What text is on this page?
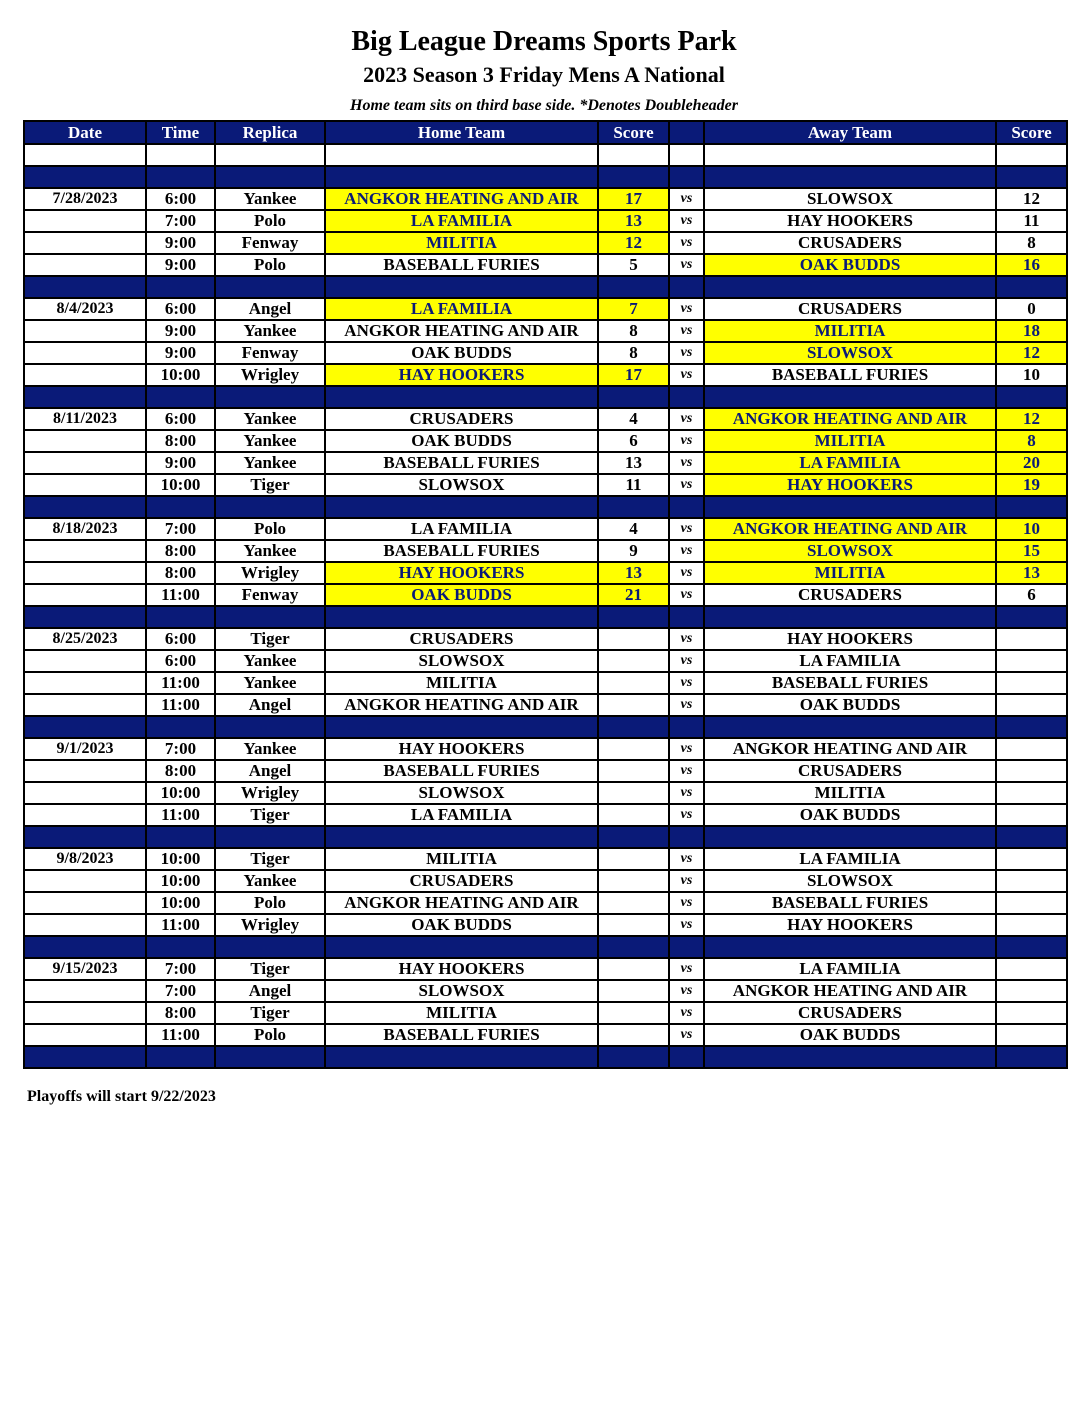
Big League Dreams Sports Park
2023 Season 3 Friday Mens A National
Home team sits on third base side. *Denotes Doubleheader
Date	Time	Replica	Home Team	Score		Away Team	Score

7/28/2023	6:00	Yankee	ANGKOR HEATING AND AIR	17	vs	SLOWSOX	12
	7:00	Polo	LA FAMILIA	13	vs	HAY HOOKERS	11
	9:00	Fenway	MILITIA	12	vs	CRUSADERS	8
	9:00	Polo	BASEBALL FURIES	5	vs	OAK BUDDS	16

8/4/2023	6:00	Angel	LA FAMILIA	7	vs	CRUSADERS	0
	9:00	Yankee	ANGKOR HEATING AND AIR	8	vs	MILITIA	18
	9:00	Fenway	OAK BUDDS	8	vs	SLOWSOX	12
	10:00	Wrigley	HAY HOOKERS	17	vs	BASEBALL FURIES	10

8/11/2023	6:00	Yankee	CRUSADERS	4	vs	ANGKOR HEATING AND AIR	12
	8:00	Yankee	OAK BUDDS	6	vs	MILITIA	8
	9:00	Yankee	BASEBALL FURIES	13	vs	LA FAMILIA	20
	10:00	Tiger	SLOWSOX	11	vs	HAY HOOKERS	19

8/18/2023	7:00	Polo	LA FAMILIA	4	vs	ANGKOR HEATING AND AIR	10
	8:00	Yankee	BASEBALL FURIES	9	vs	SLOWSOX	15
	8:00	Wrigley	HAY HOOKERS	13	vs	MILITIA	13
	11:00	Fenway	OAK BUDDS	21	vs	CRUSADERS	6

8/25/2023	6:00	Tiger	CRUSADERS		vs	HAY HOOKERS	
	6:00	Yankee	SLOWSOX		vs	LA FAMILIA	
	11:00	Yankee	MILITIA		vs	BASEBALL FURIES	
	11:00	Angel	ANGKOR HEATING AND AIR		vs	OAK BUDDS	

9/1/2023	7:00	Yankee	HAY HOOKERS		vs	ANGKOR HEATING AND AIR	
	8:00	Angel	BASEBALL FURIES		vs	CRUSADERS	
	10:00	Wrigley	SLOWSOX		vs	MILITIA	
	11:00	Tiger	LA FAMILIA		vs	OAK BUDDS	

9/8/2023	10:00	Tiger	MILITIA		vs	LA FAMILIA	
	10:00	Yankee	CRUSADERS		vs	SLOWSOX	
	10:00	Polo	ANGKOR HEATING AND AIR		vs	BASEBALL FURIES	
	11:00	Wrigley	OAK BUDDS		vs	HAY HOOKERS	

9/15/2023	7:00	Tiger	HAY HOOKERS		vs	LA FAMILIA	
	7:00	Angel	SLOWSOX		vs	ANGKOR HEATING AND AIR	
	8:00	Tiger	MILITIA		vs	CRUSADERS	
	11:00	Polo	BASEBALL FURIES		vs	OAK BUDDS	

Playoffs will start 9/22/2023
